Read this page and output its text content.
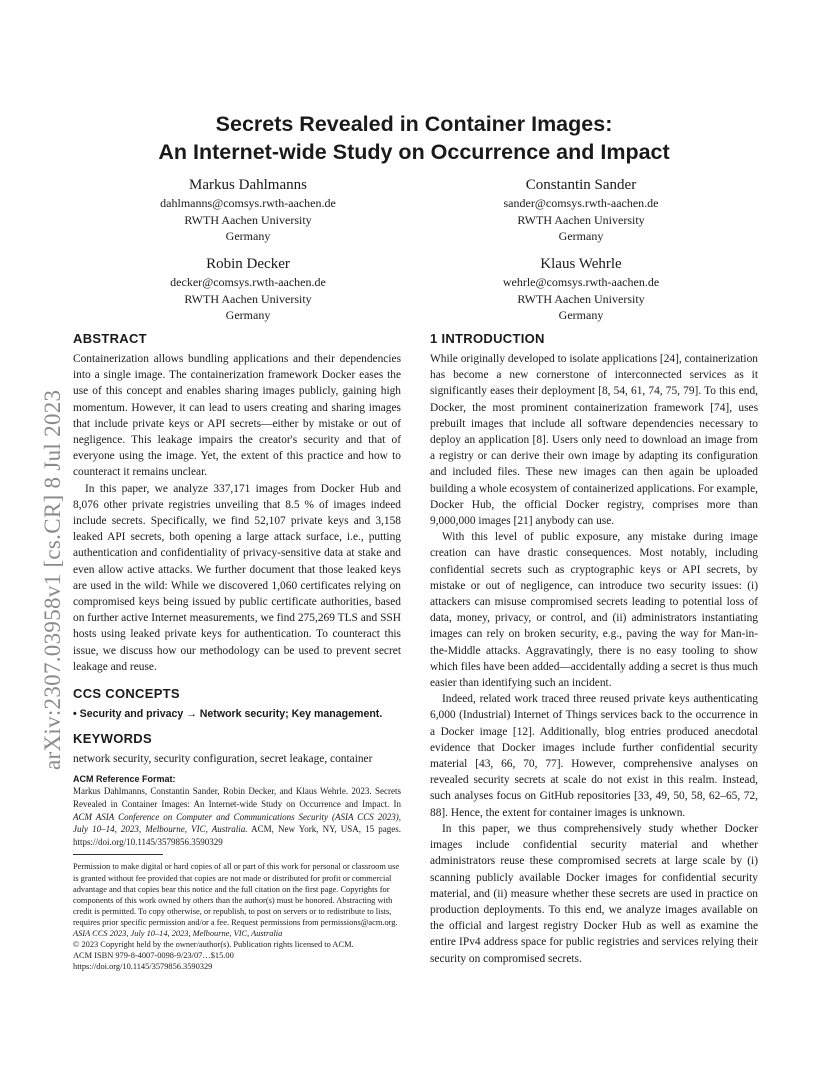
arXiv:2307.03958v1 [cs.CR] 8 Jul 2023
Secrets Revealed in Container Images:
An Internet-wide Study on Occurrence and Impact
Markus Dahlmanns
dahlmanns@comsys.rwth-aachen.de
RWTH Aachen University
Germany
Constantin Sander
sander@comsys.rwth-aachen.de
RWTH Aachen University
Germany
Robin Decker
decker@comsys.rwth-aachen.de
RWTH Aachen University
Germany
Klaus Wehrle
wehrle@comsys.rwth-aachen.de
RWTH Aachen University
Germany
ABSTRACT

Containerization allows bundling applications and their dependencies into a single image. The containerization framework Docker eases the use of this concept and enables sharing images publicly, gaining high momentum. However, it can lead to users creating and sharing images that include private keys or API secrets—either by mistake or out of negligence. This leakage impairs the creator's security and that of everyone using the image. Yet, the extent of this practice and how to counteract it remains unclear.

In this paper, we analyze 337,171 images from Docker Hub and 8,076 other private registries unveiling that 8.5 % of images indeed include secrets. Specifically, we find 52,107 private keys and 3,158 leaked API secrets, both opening a large attack surface, i.e., putting authentication and confidentiality of privacy-sensitive data at stake and even allow active attacks. We further document that those leaked keys are used in the wild: While we discovered 1,060 certificates relying on compromised keys being issued by public certificate authorities, based on further active Internet measurements, we find 275,269 TLS and SSH hosts using leaked private keys for authentication. To counteract this issue, we discuss how our methodology can be used to prevent secret leakage and reuse.

CCS CONCEPTS

• Security and privacy → Network security; Key management.

KEYWORDS

network security, security configuration, secret leakage, container

ACM Reference Format:
Markus Dahlmanns, Constantin Sander, Robin Decker, and Klaus Wehrle. 2023. Secrets Revealed in Container Images: An Internet-wide Study on Occurrence and Impact. In ACM ASIA Conference on Computer and Communications Security (ASIA CCS 2023), July 10–14, 2023, Melbourne, VIC, Australia. ACM, New York, NY, USA, 15 pages. https://doi.org/10.1145/3579856.3590329
Permission to make digital or hard copies of all or part of this work for personal or classroom use is granted without fee provided that copies are not made or distributed for profit or commercial advantage and that copies bear this notice and the full citation on the first page. Copyrights for components of this work owned by others than the author(s) must be honored. Abstracting with credit is permitted. To copy otherwise, or republish, to post on servers or to redistribute to lists, requires prior specific permission and/or a fee. Request permissions from permissions@acm.org.
ASIA CCS 2023, July 10–14, 2023, Melbourne, VIC, Australia
© 2023 Copyright held by the owner/author(s). Publication rights licensed to ACM.
ACM ISBN 979-8-4007-0098-9/23/07…$15.00
https://doi.org/10.1145/3579856.3590329
1 INTRODUCTION

While originally developed to isolate applications [24], containerization has become a new cornerstone of interconnected services as it significantly eases their deployment [8, 54, 61, 74, 75, 79]. To this end, Docker, the most prominent containerization framework [74], uses prebuilt images that include all software dependencies necessary to deploy an application [8]. Users only need to download an image from a registry or can derive their own image by adapting its configuration and included files. These new images can then again be uploaded building a whole ecosystem of containerized applications. For example, Docker Hub, the official Docker registry, comprises more than 9,000,000 images [21] anybody can use.

With this level of public exposure, any mistake during image creation can have drastic consequences. Most notably, including confidential secrets such as cryptographic keys or API secrets, by mistake or out of negligence, can introduce two security issues: (i) attackers can misuse compromised secrets leading to potential loss of data, money, privacy, or control, and (ii) administrators instantiating images can rely on broken security, e.g., paving the way for Man-in-the-Middle attacks. Aggravatingly, there is no easy tooling to show which files have been added—accidentally adding a secret is thus much easier than identifying such an incident.

Indeed, related work traced three reused private keys authenticating 6,000 (Industrial) Internet of Things services back to the occurrence in a Docker image [12]. Additionally, blog entries produced anecdotal evidence that Docker images include further confidential security material [43, 66, 70, 77]. However, comprehensive analyses on revealed security secrets at scale do not exist in this realm. Instead, such analyses focus on GitHub repositories [33, 49, 50, 58, 62–65, 72, 88]. Hence, the extent for container images is unknown.

In this paper, we thus comprehensively study whether Docker images include confidential security material and whether administrators reuse these compromised secrets at large scale by (i) scanning publicly available Docker images for confidential security material, and (ii) measure whether these secrets are used in practice on production deployments. To this end, we analyze images available on the official and largest registry Docker Hub as well as examine the entire IPv4 address space for public registries and services relying their security on compromised secrets.
